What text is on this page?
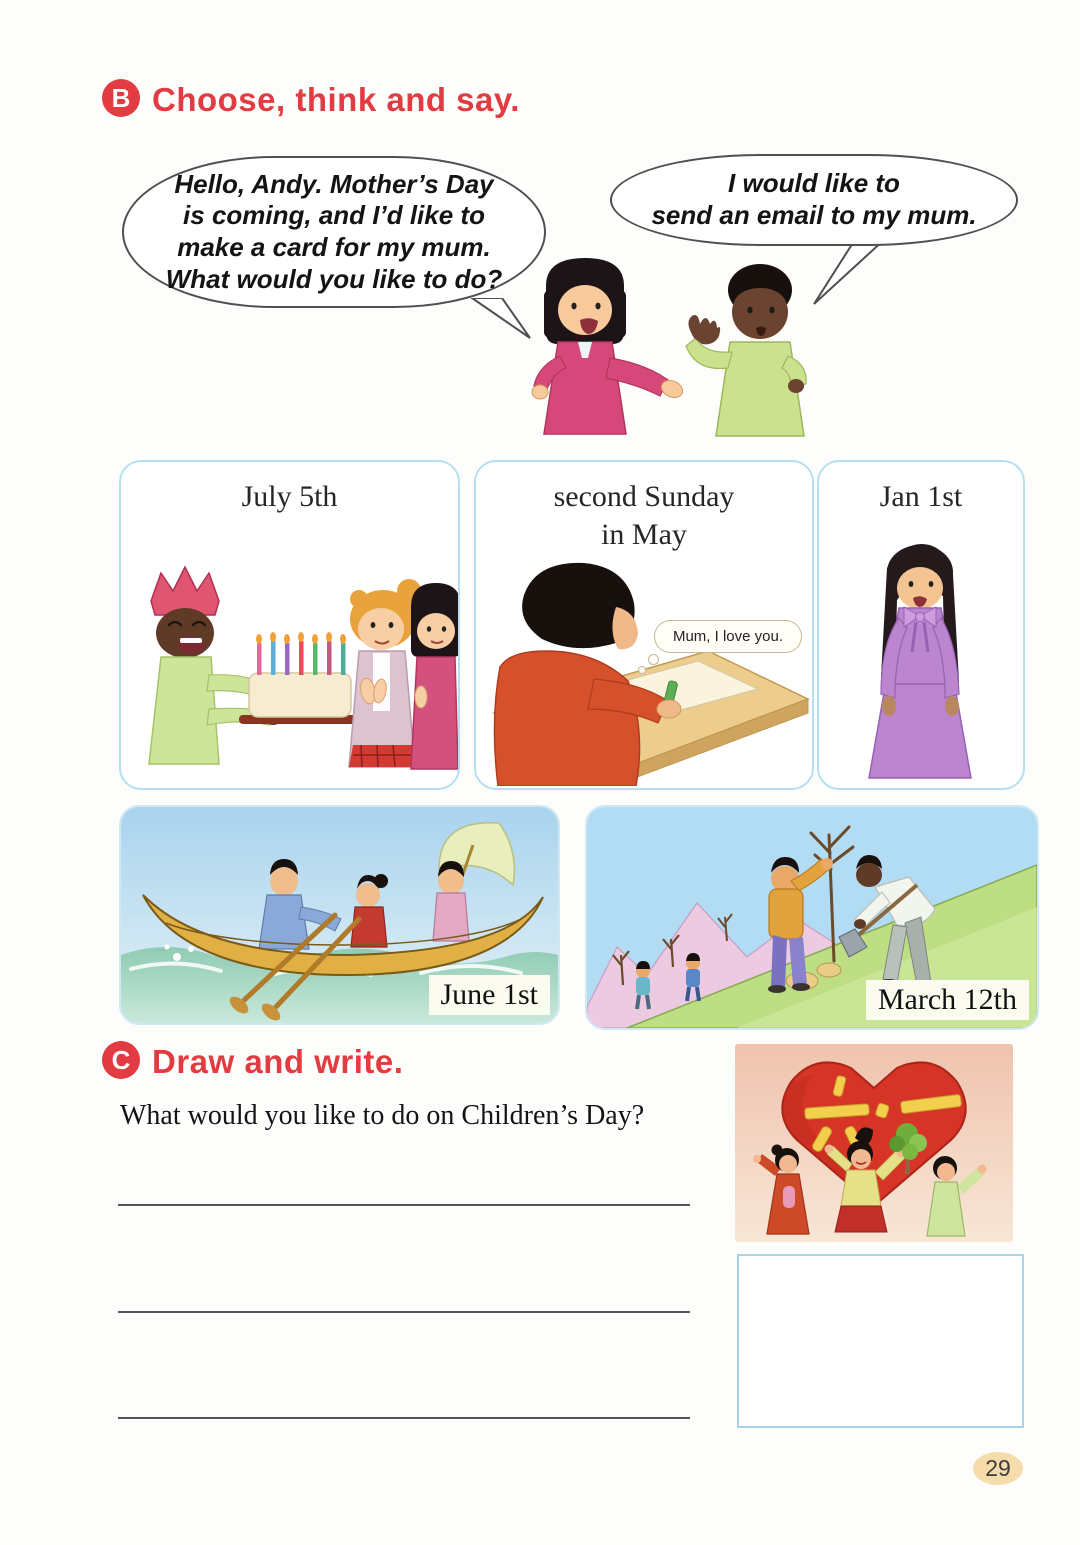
B Choose, think and say.
Hello, Andy. Mother’s Day
is coming, and I’d like to
make a card for my mum.
What would you like to do?
I would like to
send an email to my mum.
July 5th	second Sunday
in May
Mum, I love you.
Jan 1st
June 1st	March 12th
C Draw and write.
What would you like to do on Children’s Day?
29
